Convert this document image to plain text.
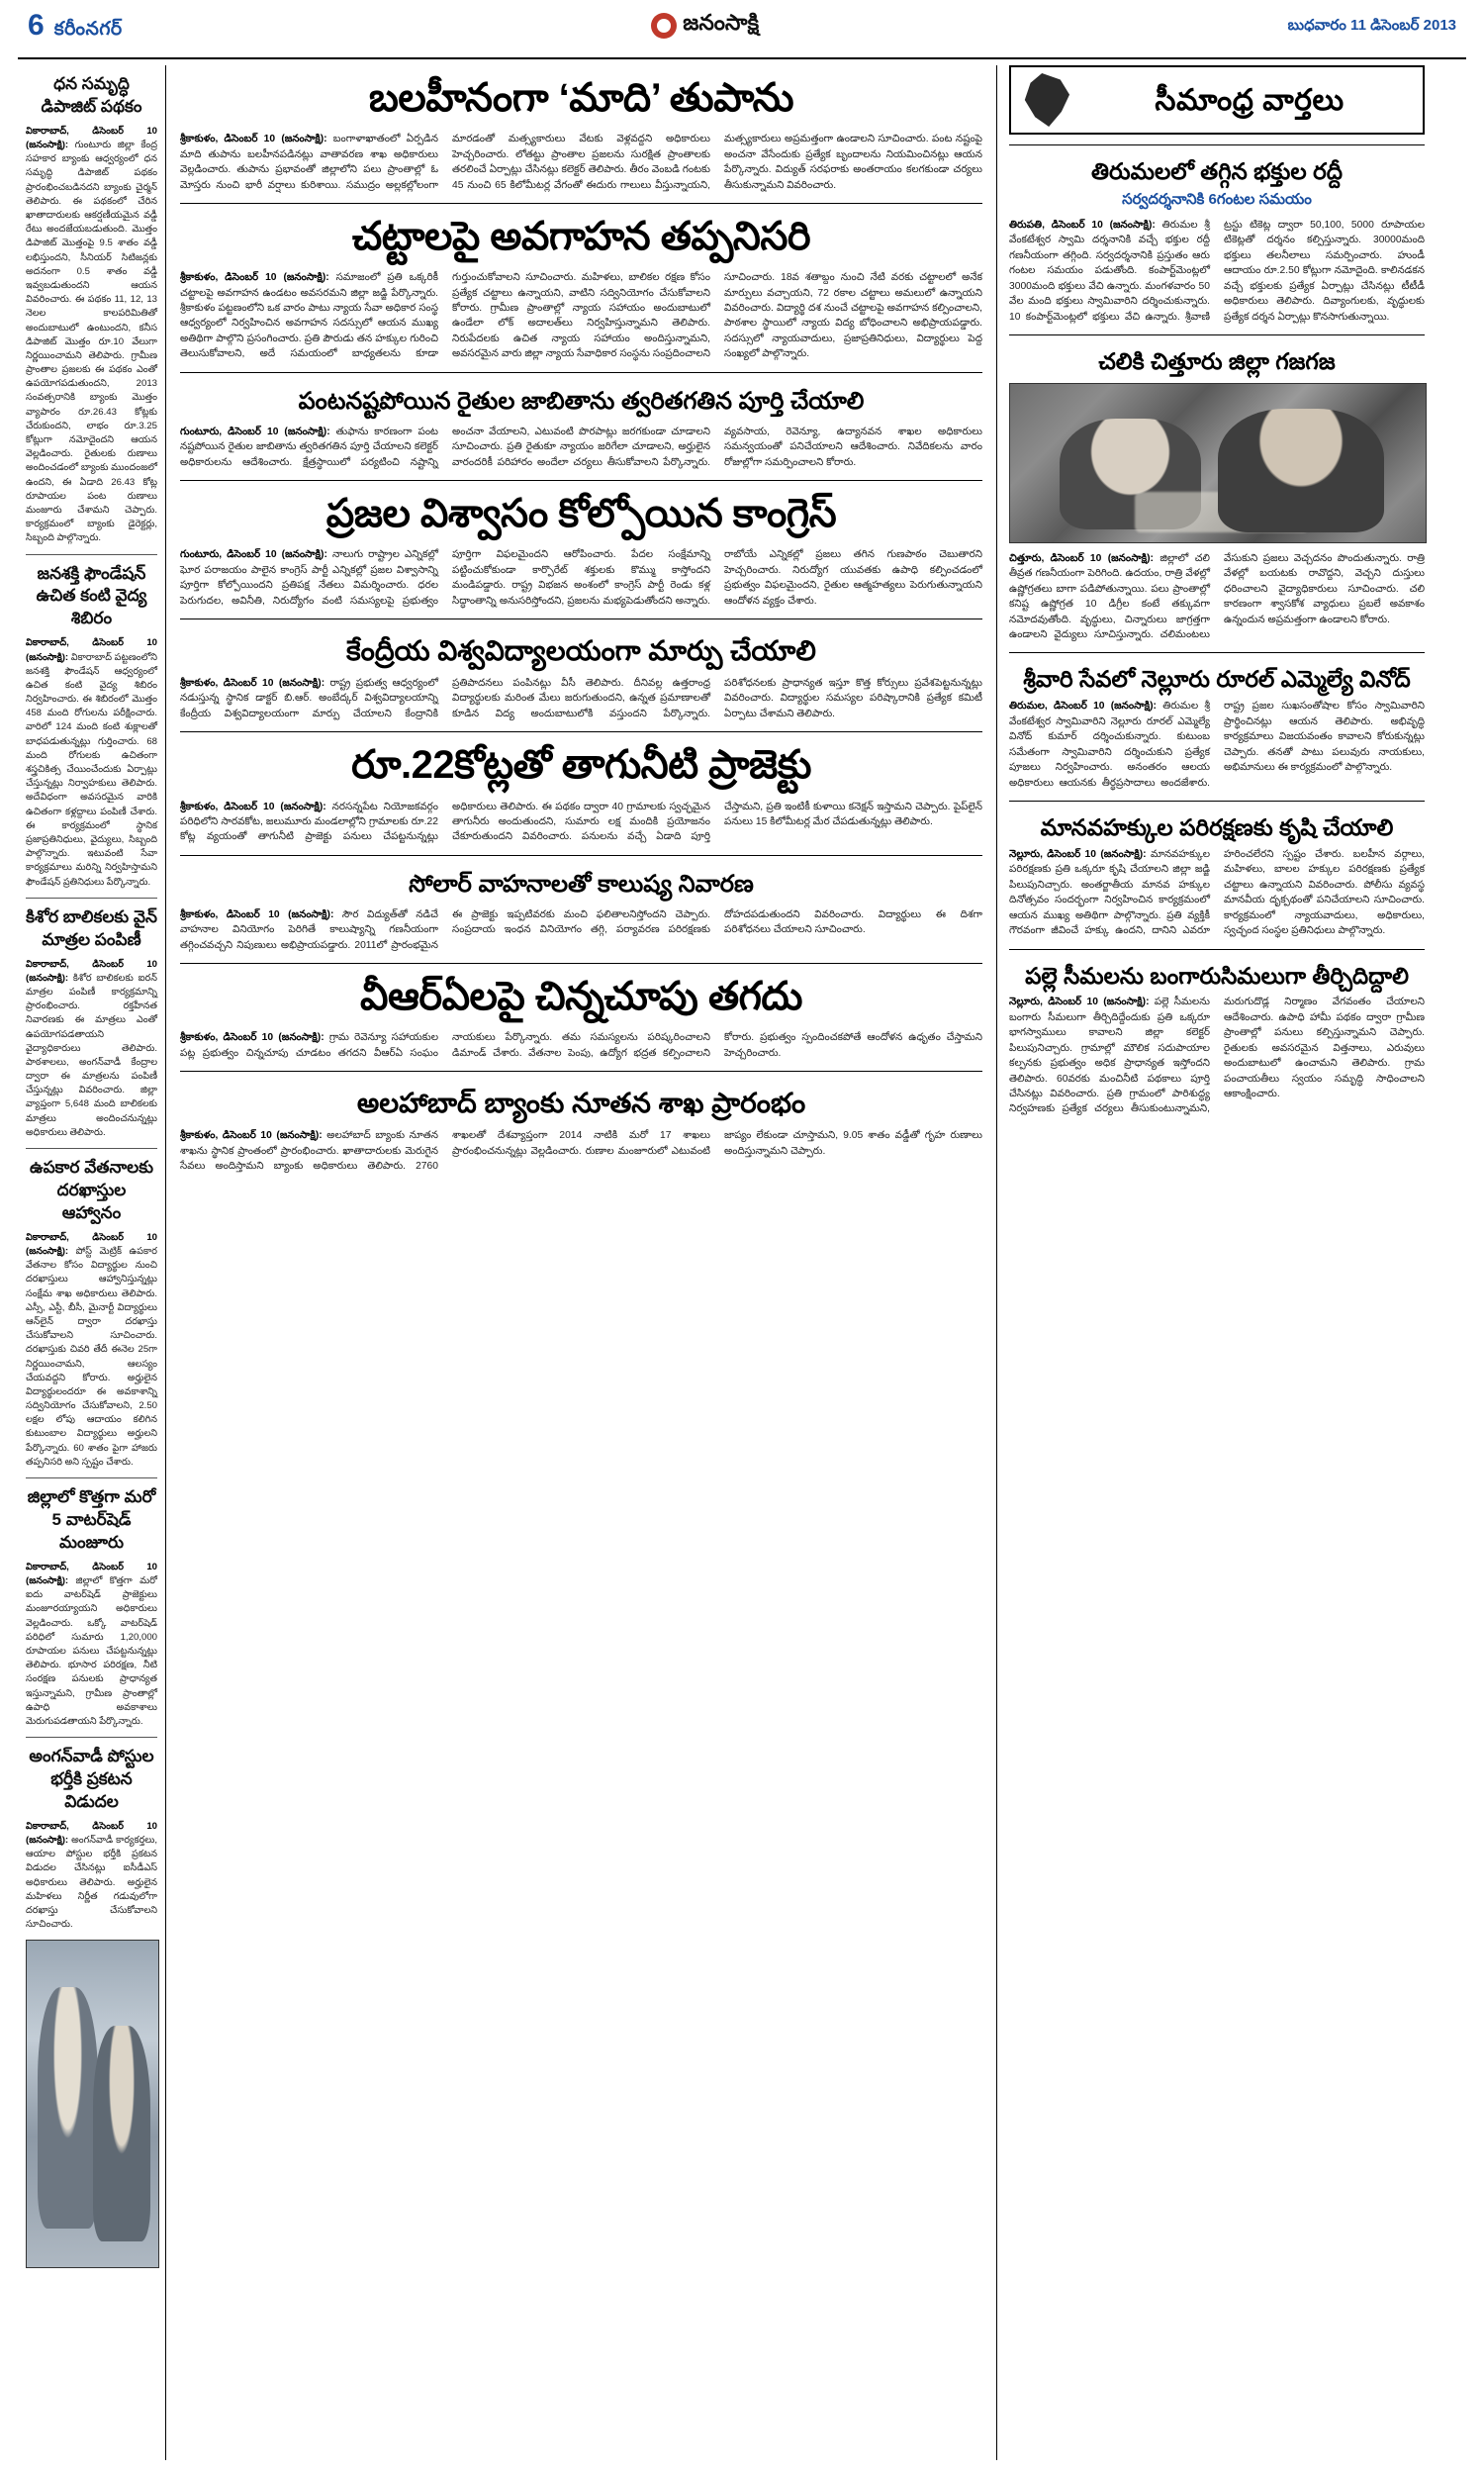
6 కరీంనగర్	జనంసాక్షి	బుధవారం 11 డిసెంబర్ 2013
ధన సమృద్ధి డిపాజిట్ పథకం
వికారాబాద్, డిసెంబర్ 10 (జనంసాక్షి): గుంటూరు జిల్లా కేంద్ర సహకార బ్యాంకు ఆధ్వర్యంలో ధన సమృద్ధి డిపాజిట్ పథకం ప్రారంభించబడినదని బ్యాంకు చైర్మన్ తెలిపారు. ఈ పథకంలో చేరిన ఖాతాదారులకు ఆకర్షణీయమైన వడ్డీ రేటు అందజేయబడుతుంది. మొత్తం డిపాజిట్ మొత్తంపై 9.5 శాతం వడ్డీ లభిస్తుందని, సీనియర్ సిటిజన్లకు అదనంగా 0.5 శాతం వడ్డీ ఇవ్వబడుతుందని ఆయన వివరించారు. ఈ పథకం 11, 12, 13 నెలల కాలపరిమితితో అందుబాటులో ఉంటుందని, కనీస డిపాజిట్ మొత్తం రూ.10 వేలుగా నిర్ణయించామని తెలిపారు. గ్రామీణ ప్రాంతాల ప్రజలకు ఈ పథకం ఎంతో ఉపయోగపడుతుందని, 2013 సంవత్సరానికి బ్యాంకు మొత్తం వ్యాపారం రూ.26.43 కోట్లకు చేరుకుందని, లాభం రూ.3.25 కోట్లుగా నమోదైందని ఆయన వెల్లడించారు. రైతులకు రుణాలు అందించడంలో బ్యాంకు ముందంజలో ఉందని, ఈ ఏడాది 26.43 కోట్ల రూపాయల పంట రుణాలు మంజూరు చేశామని చెప్పారు. కార్యక్రమంలో బ్యాంకు డైరెక్టర్లు, సిబ్బంది పాల్గొన్నారు.
జనశక్తి ఫౌండేషన్ ఉచిత కంటి వైద్య శిబిరం
వికారాబాద్, డిసెంబర్ 10 (జనంసాక్షి): వికారాబాద్ పట్టణంలోని జనశక్తి ఫౌండేషన్ ఆధ్వర్యంలో ఉచిత కంటి వైద్య శిబిరం నిర్వహించారు. ఈ శిబిరంలో మొత్తం 458 మంది రోగులను పరీక్షించారు. వారిలో 124 మంది కంటి శుక్లాలతో బాధపడుతున్నట్లు గుర్తించారు. 68 మంది రోగులకు ఉచితంగా శస్త్రచికిత్స చేయించేందుకు ఏర్పాట్లు చేస్తున్నట్లు నిర్వాహకులు తెలిపారు. అదేవిధంగా అవసరమైన వారికి ఉచితంగా కళ్లద్దాలు పంపిణీ చేశారు. ఈ కార్యక్రమంలో స్థానిక ప్రజాప్రతినిధులు, వైద్యులు, సిబ్బంది పాల్గొన్నారు. ఇటువంటి సేవా కార్యక్రమాలు మరిన్ని నిర్వహిస్తామని ఫౌండేషన్ ప్రతినిధులు పేర్కొన్నారు.
కిశోర బాలికలకు వైన్ మాత్రల పంపిణీ
వికారాబాద్, డిసెంబర్ 10 (జనంసాక్షి): కిశోర బాలికలకు ఐరన్ మాత్రల పంపిణీ కార్యక్రమాన్ని ప్రారంభించారు. రక్తహీనత నివారణకు ఈ మాత్రలు ఎంతో ఉపయోగపడతాయని వైద్యాధికారులు తెలిపారు. పాఠశాలలు, అంగన్‌వాడీ కేంద్రాల ద్వారా ఈ మాత్రలను పంపిణీ చేస్తున్నట్లు వివరించారు. జిల్లా వ్యాప్తంగా 5,648 మంది బాలికలకు మాత్రలు అందించనున్నట్లు అధికారులు తెలిపారు.
ఉపకార వేతనాలకు దరఖాస్తుల ఆహ్వానం
వికారాబాద్, డిసెంబర్ 10 (జనంసాక్షి): పోస్ట్ మెట్రిక్ ఉపకార వేతనాల కోసం విద్యార్థుల నుంచి దరఖాస్తులు ఆహ్వానిస్తున్నట్లు సంక్షేమ శాఖ అధికారులు తెలిపారు. ఎస్సీ, ఎస్టీ, బీసీ, మైనార్టీ విద్యార్థులు ఆన్‌లైన్ ద్వారా దరఖాస్తు చేసుకోవాలని సూచించారు. దరఖాస్తుకు చివరి తేదీ ఈనెల 25గా నిర్ణయించామని, ఆలస్యం చేయవద్దని కోరారు. అర్హులైన విద్యార్థులందరూ ఈ అవకాశాన్ని సద్వినియోగం చేసుకోవాలని, 2.50 లక్షల లోపు ఆదాయం కలిగిన కుటుంబాల విద్యార్థులు అర్హులని పేర్కొన్నారు. 60 శాతం పైగా హాజరు తప్పనిసరి అని స్పష్టం చేశారు.
జిల్లాలో కొత్తగా మరో 5 వాటర్‌షెడ్ మంజూరు
వికారాబాద్, డిసెంబర్ 10 (జనంసాక్షి): జిల్లాలో కొత్తగా మరో ఐదు వాటర్‌షెడ్ ప్రాజెక్టులు మంజూరయ్యాయని అధికారులు వెల్లడించారు. ఒక్కో వాటర్‌షెడ్ పరిధిలో సుమారు 1,20,000 రూపాయల పనులు చేపట్టనున్నట్లు తెలిపారు. భూసార పరిరక్షణ, నీటి సంరక్షణ పనులకు ప్రాధాన్యత ఇస్తున్నామని, గ్రామీణ ప్రాంతాల్లో ఉపాధి అవకాశాలు మెరుగుపడతాయని పేర్కొన్నారు.
అంగన్‌వాడీ పోస్టుల భర్తీకి ప్రకటన విడుదల
వికారాబాద్, డిసెంబర్ 10 (జనంసాక్షి): అంగన్‌వాడీ కార్యకర్తలు, ఆయాల పోస్టుల భర్తీకి ప్రకటన విడుదల చేసినట్లు ఐసీడీఎస్ అధికారులు తెలిపారు. అర్హులైన మహిళలు నిర్ణీత గడువులోగా దరఖాస్తు చేసుకోవాలని సూచించారు.
బలహీనంగా ‘మాది’ తుపాను
శ్రీకాకుళం, డిసెంబర్ 10 (జనంసాక్షి): బంగాళాఖాతంలో ఏర్పడిన మాది తుపాను బలహీనపడినట్లు వాతావరణ శాఖ అధికారులు వెల్లడించారు. తుపాను ప్రభావంతో జిల్లాలోని పలు ప్రాంతాల్లో ఓ మోస్తరు నుంచి భారీ వర్షాలు కురిశాయి. సముద్రం అల్లకల్లోలంగా మారడంతో మత్స్యకారులు వేటకు వెళ్లవద్దని అధికారులు హెచ్చరించారు. లోతట్టు ప్రాంతాల ప్రజలను సురక్షిత ప్రాంతాలకు తరలించే ఏర్పాట్లు చేసినట్లు కలెక్టర్ తెలిపారు. తీరం వెంబడి గంటకు 45 నుంచి 65 కిలోమీటర్ల వేగంతో ఈదురు గాలులు వీస్తున్నాయని, మత్స్యకారులు అప్రమత్తంగా ఉండాలని సూచించారు. పంట నష్టంపై అంచనా వేసేందుకు ప్రత్యేక బృందాలను నియమించినట్లు ఆయన పేర్కొన్నారు. విద్యుత్ సరఫరాకు అంతరాయం కలగకుండా చర్యలు తీసుకున్నామని వివరించారు.
చట్టాలపై అవగాహన తప్పనిసరి
శ్రీకాకుళం, డిసెంబర్ 10 (జనంసాక్షి): సమాజంలో ప్రతి ఒక్కరికీ చట్టాలపై అవగాహన ఉండటం అవసరమని జిల్లా జడ్జి పేర్కొన్నారు. శ్రీకాకుళం పట్టణంలోని ఒక వారం పాటు న్యాయ సేవా అధికార సంస్థ ఆధ్వర్యంలో నిర్వహించిన అవగాహన సదస్సులో ఆయన ముఖ్య అతిథిగా పాల్గొని ప్రసంగించారు. ప్రతి పౌరుడు తన హక్కుల గురించి తెలుసుకోవాలని, అదే సమయంలో బాధ్యతలను కూడా గుర్తుంచుకోవాలని సూచించారు. మహిళలు, బాలికల రక్షణ కోసం ప్రత్యేక చట్టాలు ఉన్నాయని, వాటిని సద్వినియోగం చేసుకోవాలని కోరారు. గ్రామీణ ప్రాంతాల్లో న్యాయ సహాయం అందుబాటులో ఉండేలా లోక్ అదాలత్‌లు నిర్వహిస్తున్నామని తెలిపారు. నిరుపేదలకు ఉచిత న్యాయ సహాయం అందిస్తున్నామని, అవసరమైన వారు జిల్లా న్యాయ సేవాధికార సంస్థను సంప్రదించాలని సూచించారు. 18వ శతాబ్దం నుంచి నేటి వరకు చట్టాలలో అనేక మార్పులు వచ్చాయని, 72 రకాల చట్టాలు అమలులో ఉన్నాయని వివరించారు. విద్యార్థి దశ నుంచే చట్టాలపై అవగాహన కల్పించాలని, పాఠశాల స్థాయిలో న్యాయ విద్య బోధించాలని అభిప్రాయపడ్డారు. సదస్సులో న్యాయవాదులు, ప్రజాప్రతినిధులు, విద్యార్థులు పెద్ద సంఖ్యలో పాల్గొన్నారు.
పంటనష్టపోయిన రైతుల జాబితాను త్వరితగతిన పూర్తి చేయాలి
గుంటూరు, డిసెంబర్ 10 (జనంసాక్షి): తుఫాను కారణంగా పంట నష్టపోయిన రైతుల జాబితాను త్వరితగతిన పూర్తి చేయాలని కలెక్టర్ అధికారులను ఆదేశించారు. క్షేత్రస్థాయిలో పర్యటించి నష్టాన్ని అంచనా వేయాలని, ఎటువంటి పొరపాట్లు జరగకుండా చూడాలని సూచించారు. ప్రతి రైతుకూ న్యాయం జరిగేలా చూడాలని, అర్హులైన వారందరికీ పరిహారం అందేలా చర్యలు తీసుకోవాలని పేర్కొన్నారు. వ్యవసాయ, రెవెన్యూ, ఉద్యానవన శాఖల అధికారులు సమన్వయంతో పనిచేయాలని ఆదేశించారు. నివేదికలను వారం రోజుల్లోగా సమర్పించాలని కోరారు.
ప్రజల విశ్వాసం కోల్పోయిన కాంగ్రెస్
గుంటూరు, డిసెంబర్ 10 (జనంసాక్షి): నాలుగు రాష్ట్రాల ఎన్నికల్లో ఘోర పరాజయం పాలైన కాంగ్రెస్ పార్టీ ఎన్నికల్లో ప్రజల విశ్వాసాన్ని పూర్తిగా కోల్పోయిందని ప్రతిపక్ష నేతలు విమర్శించారు. ధరల పెరుగుదల, అవినీతి, నిరుద్యోగం వంటి సమస్యలపై ప్రభుత్వం పూర్తిగా విఫలమైందని ఆరోపించారు. పేదల సంక్షేమాన్ని పట్టించుకోకుండా కార్పొరేట్ శక్తులకు కొమ్ము కాస్తోందని మండిపడ్డారు. రాష్ట్ర విభజన అంశంలో కాంగ్రెస్ పార్టీ రెండు కళ్ల సిద్ధాంతాన్ని అనుసరిస్తోందని, ప్రజలను మభ్యపెడుతోందని అన్నారు. రాబోయే ఎన్నికల్లో ప్రజలు తగిన గుణపాఠం చెబుతారని హెచ్చరించారు. నిరుద్యోగ యువతకు ఉపాధి కల్పించడంలో ప్రభుత్వం విఫలమైందని, రైతుల ఆత్మహత్యలు పెరుగుతున్నాయని ఆందోళన వ్యక్తం చేశారు.
కేంద్రీయ విశ్వవిద్యాలయంగా మార్పు చేయాలి
శ్రీకాకుళం, డిసెంబర్ 10 (జనంసాక్షి): రాష్ట్ర ప్రభుత్వ ఆధ్వర్యంలో నడుస్తున్న స్థానిక డాక్టర్ బి.ఆర్. అంబేద్కర్ విశ్వవిద్యాలయాన్ని కేంద్రీయ విశ్వవిద్యాలయంగా మార్పు చేయాలని కేంద్రానికి ప్రతిపాదనలు పంపినట్లు వీసీ తెలిపారు. దీనివల్ల ఉత్తరాంధ్ర విద్యార్థులకు మరింత మేలు జరుగుతుందని, ఉన్నత ప్రమాణాలతో కూడిన విద్య అందుబాటులోకి వస్తుందని పేర్కొన్నారు. పరిశోధనలకు ప్రాధాన్యత ఇస్తూ కొత్త కోర్సులు ప్రవేశపెట్టనున్నట్లు వివరించారు. విద్యార్థుల సమస్యల పరిష్కారానికి ప్రత్యేక కమిటీ ఏర్పాటు చేశామని తెలిపారు.
రూ.22కోట్లతో తాగునీటి ప్రాజెక్టు
శ్రీకాకుళం, డిసెంబర్ 10 (జనంసాక్షి): నరసన్నపేట నియోజకవర్గం పరిధిలోని సారవకోట, జలుమూరు మండలాల్లోని గ్రామాలకు రూ.22 కోట్ల వ్యయంతో తాగునీటి ప్రాజెక్టు పనులు చేపట్టనున్నట్లు అధికారులు తెలిపారు. ఈ పథకం ద్వారా 40 గ్రామాలకు స్వచ్ఛమైన తాగునీరు అందుతుందని, సుమారు లక్ష మందికి ప్రయోజనం చేకూరుతుందని వివరించారు. పనులను వచ్చే ఏడాది పూర్తి చేస్తామని, ప్రతి ఇంటికీ కుళాయి కనెక్షన్ ఇస్తామని చెప్పారు. పైప్‌లైన్ పనులు 15 కిలోమీటర్ల మేర చేపడుతున్నట్లు తెలిపారు.
సోలార్ వాహనాలతో కాలుష్య నివారణ
శ్రీకాకుళం, డిసెంబర్ 10 (జనంసాక్షి): సౌర విద్యుత్‌తో నడిచే వాహనాల వినియోగం పెరిగితే కాలుష్యాన్ని గణనీయంగా తగ్గించవచ్చని నిపుణులు అభిప్రాయపడ్డారు. 2011లో ప్రారంభమైన ఈ ప్రాజెక్టు ఇప్పటివరకు మంచి ఫలితాలనిస్తోందని చెప్పారు. సంప్రదాయ ఇంధన వినియోగం తగ్గి, పర్యావరణ పరిరక్షణకు దోహదపడుతుందని వివరించారు. విద్యార్థులు ఈ దిశగా పరిశోధనలు చేయాలని సూచించారు.
వీఆర్ఏలపై చిన్నచూపు తగదు
శ్రీకాకుళం, డిసెంబర్ 10 (జనంసాక్షి): గ్రామ రెవెన్యూ సహాయకుల పట్ల ప్రభుత్వం చిన్నచూపు చూడటం తగదని వీఆర్ఏ సంఘం నాయకులు పేర్కొన్నారు. తమ సమస్యలను పరిష్కరించాలని డిమాండ్ చేశారు. వేతనాల పెంపు, ఉద్యోగ భద్రత కల్పించాలని కోరారు. ప్రభుత్వం స్పందించకపోతే ఆందోళన ఉధృతం చేస్తామని హెచ్చరించారు.
అలహాబాద్ బ్యాంకు నూతన శాఖ ప్రారంభం
శ్రీకాకుళం, డిసెంబర్ 10 (జనంసాక్షి): అలహాబాద్ బ్యాంకు నూతన శాఖను స్థానిక ప్రాంతంలో ప్రారంభించారు. ఖాతాదారులకు మెరుగైన సేవలు అందిస్తామని బ్యాంకు అధికారులు తెలిపారు. 2760 శాఖలతో దేశవ్యాప్తంగా 2014 నాటికి మరో 17 శాఖలు ప్రారంభించనున్నట్లు వెల్లడించారు. రుణాల మంజూరులో ఎటువంటి జాప్యం లేకుండా చూస్తామని, 9.05 శాతం వడ్డీతో గృహ రుణాలు అందిస్తున్నామని చెప్పారు.
సీమాంధ్ర వార్తలు
తిరుమలలో తగ్గిన భక్తుల రద్దీ
సర్వదర్శనానికి 6గంటల సమయం
తిరుపతి, డిసెంబర్ 10 (జనంసాక్షి): తిరుమల శ్రీ వేంకటేశ్వర స్వామి దర్శనానికి వచ్చే భక్తుల రద్దీ గణనీయంగా తగ్గింది. సర్వదర్శనానికి ప్రస్తుతం ఆరు గంటల సమయం పడుతోంది. కంపార్ట్‌మెంట్లలో 3000మంది భక్తులు వేచి ఉన్నారు. మంగళవారం 50 వేల మంది భక్తులు స్వామివారిని దర్శించుకున్నారు. 10 కంపార్ట్‌మెంట్లలో భక్తులు వేచి ఉన్నారు. శ్రీవాణి ట్రస్టు టికెట్ల ద్వారా 50,100, 5000 రూపాయల టికెట్లతో దర్శనం కల్పిస్తున్నారు. 30000మంది భక్తులు తలనీలాలు సమర్పించారు. హుండీ ఆదాయం రూ.2.50 కోట్లుగా నమోదైంది. కాలినడకన వచ్చే భక్తులకు ప్రత్యేక ఏర్పాట్లు చేసినట్లు టీటీడీ అధికారులు తెలిపారు. దివ్యాంగులకు, వృద్ధులకు ప్రత్యేక దర్శన ఏర్పాట్లు కొనసాగుతున్నాయి.
చలికి చిత్తూరు జిల్లా గజగజ
చిత్తూరు, డిసెంబర్ 10 (జనంసాక్షి): జిల్లాలో చలి తీవ్రత గణనీయంగా పెరిగింది. ఉదయం, రాత్రి వేళల్లో ఉష్ణోగ్రతలు బాగా పడిపోతున్నాయి. పలు ప్రాంతాల్లో కనిష్ట ఉష్ణోగ్రత 10 డిగ్రీల కంటే తక్కువగా నమోదవుతోంది. వృద్ధులు, చిన్నారులు జాగ్రత్తగా ఉండాలని వైద్యులు సూచిస్తున్నారు. చలిమంటలు వేసుకుని ప్రజలు వెచ్చదనం పొందుతున్నారు. రాత్రి వేళల్లో బయటకు రావొద్దని, వెచ్చని దుస్తులు ధరించాలని వైద్యాధికారులు సూచించారు. చలి కారణంగా శ్వాసకోశ వ్యాధులు ప్రబలే అవకాశం ఉన్నందున అప్రమత్తంగా ఉండాలని కోరారు.
శ్రీవారి సేవలో నెల్లూరు రూరల్ ఎమ్మెల్యే వినోద్
తిరుమల, డిసెంబర్ 10 (జనంసాక్షి): తిరుమల శ్రీ వేంకటేశ్వర స్వామివారిని నెల్లూరు రూరల్ ఎమ్మెల్యే వినోద్ కుమార్ దర్శించుకున్నారు. కుటుంబ సమేతంగా స్వామివారిని దర్శించుకుని ప్రత్యేక పూజలు నిర్వహించారు. అనంతరం ఆలయ అధికారులు ఆయనకు తీర్థప్రసాదాలు అందజేశారు. రాష్ట్ర ప్రజల సుఖసంతోషాల కోసం స్వామివారిని ప్రార్థించినట్లు ఆయన తెలిపారు. అభివృద్ధి కార్యక్రమాలు విజయవంతం కావాలని కోరుకున్నట్లు చెప్పారు. తనతో పాటు పలువురు నాయకులు, అభిమానులు ఈ కార్యక్రమంలో పాల్గొన్నారు.
మానవహక్కుల పరిరక్షణకు కృషి చేయాలి
నెల్లూరు, డిసెంబర్ 10 (జనంసాక్షి): మానవహక్కుల పరిరక్షణకు ప్రతి ఒక్కరూ కృషి చేయాలని జిల్లా జడ్జి పిలుపునిచ్చారు. అంతర్జాతీయ మానవ హక్కుల దినోత్సవం సందర్భంగా నిర్వహించిన కార్యక్రమంలో ఆయన ముఖ్య అతిథిగా పాల్గొన్నారు. ప్రతి వ్యక్తికీ గౌరవంగా జీవించే హక్కు ఉందని, దానిని ఎవరూ హరించలేరని స్పష్టం చేశారు. బలహీన వర్గాలు, మహిళలు, బాలల హక్కుల పరిరక్షణకు ప్రత్యేక చట్టాలు ఉన్నాయని వివరించారు. పోలీసు వ్యవస్థ మానవీయ దృక్పథంతో పనిచేయాలని సూచించారు. కార్యక్రమంలో న్యాయవాదులు, అధికారులు, స్వచ్ఛంద సంస్థల ప్రతినిధులు పాల్గొన్నారు.
పల్లె సీమలను బంగారుసిమలుగా తీర్చిదిద్దాలి
నెల్లూరు, డిసెంబర్ 10 (జనంసాక్షి): పల్లె సీమలను బంగారు సీమలుగా తీర్చిదిద్దేందుకు ప్రతి ఒక్కరూ భాగస్వాములు కావాలని జిల్లా కలెక్టర్ పిలుపునిచ్చారు. గ్రామాల్లో మౌలిక సదుపాయాల కల్పనకు ప్రభుత్వం అధిక ప్రాధాన్యత ఇస్తోందని తెలిపారు. 60వరకు మంచినీటి పథకాలు పూర్తి చేసినట్లు వివరించారు. ప్రతి గ్రామంలో పారిశుద్ధ్య నిర్వహణకు ప్రత్యేక చర్యలు తీసుకుంటున్నామని, మరుగుదొడ్ల నిర్మాణం వేగవంతం చేయాలని ఆదేశించారు. ఉపాధి హామీ పథకం ద్వారా గ్రామీణ ప్రాంతాల్లో పనులు కల్పిస్తున్నామని చెప్పారు. రైతులకు అవసరమైన విత్తనాలు, ఎరువులు అందుబాటులో ఉంచామని తెలిపారు. గ్రామ పంచాయతీలు స్వయం సమృద్ధి సాధించాలని ఆకాంక్షించారు.
